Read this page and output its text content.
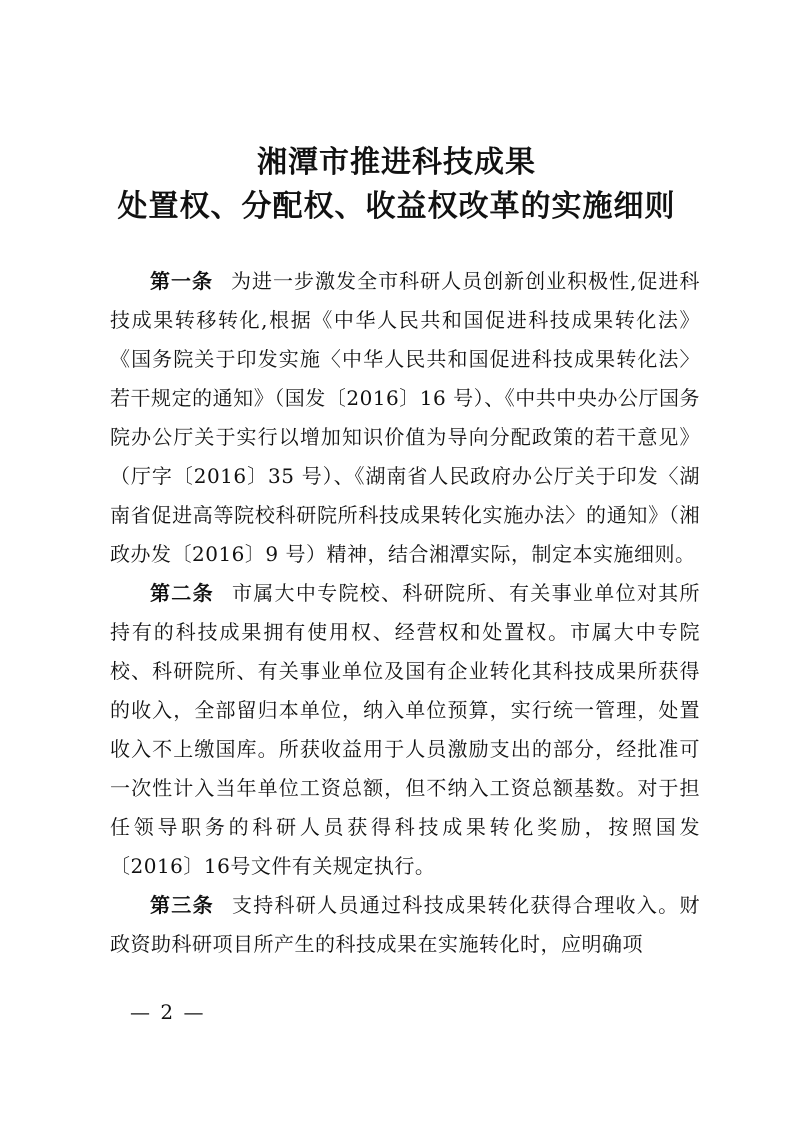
湘潭市推进科技成果
处置权、分配权、收益权改革的实施细则

第一条 为进一步激发全市科研人员创新创业积极性,促进科技成果转移转化,根据《中华人民共和国促进科技成果转化法》《国务院关于印发实施〈中华人民共和国促进科技成果转化法〉若干规定的通知》（国发〔2016〕16 号）、《中共中央办公厅国务院办公厅关于实行以增加知识价值为导向分配政策的若干意见》（厅字〔2016〕35 号）、《湖南省人民政府办公厅关于印发〈湖南省促进高等院校科研院所科技成果转化实施办法〉的通知》（湘政办发〔2016〕9 号）精神，结合湘潭实际，制定本实施细则。

第二条 市属大中专院校、科研院所、有关事业单位对其所持有的科技成果拥有使用权、经营权和处置权。市属大中专院校、科研院所、有关事业单位及国有企业转化其科技成果所获得的收入，全部留归本单位，纳入单位预算，实行统一管理，处置收入不上缴国库。所获收益用于人员激励支出的部分，经批准可一次性计入当年单位工资总额，但不纳入工资总额基数。对于担任领导职务的科研人员获得科技成果转化奖励，按照国发〔2016〕16号文件有关规定执行。

第三条 支持科研人员通过科技成果转化获得合理收入。财政资助科研项目所产生的科技成果在实施转化时，应明确项

— 2 —
